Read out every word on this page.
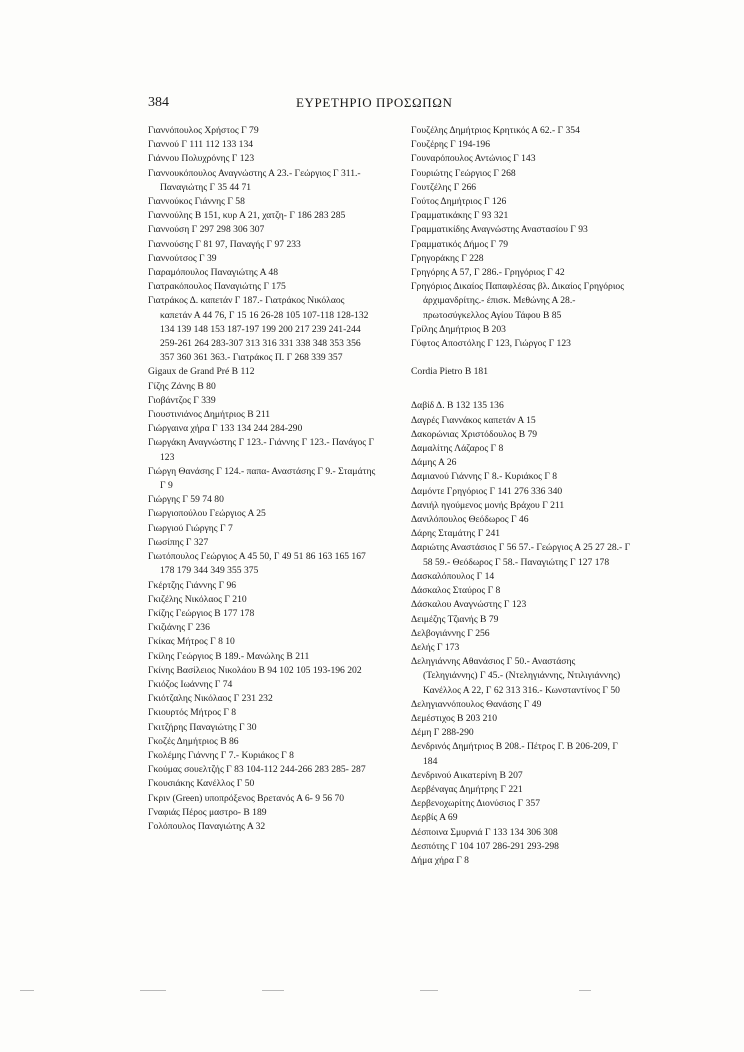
384	ΕΥΡΕΤΗΡΙΟ ΠΡΟΣΩΠΩΝ
Γιαννόπουλος Χρήστος Γ 79
Γιαννού Γ 111 112 133 134
Γιάννου Πολυχρόνης Γ 123
Γιαννουκόπουλος Αναγνώστης Α 23.- Γεώργιος Γ 311.- Παναγιώτης Γ 35 44 71
Γιαννούκος Γιάννης Γ 58
Γιαννούλης Β 151, κυρ Α 21, χατζη- Γ 186 283 285
Γιαννούση Γ 297 298 306 307
Γιαννούσης Γ 81 97, Παναγής Γ 97 233
Γιαννούτσος Γ 39
Γιαραμόπουλος Παναγιώτης Α 48
Γιατρακόπουλος Παναγιώτης Γ 175
Γιατράκος Δ. καπετάν Γ 187.- Γιατράκος Νικόλαος καπετάν Α 44 76, Γ 15 16 26-28 105 107-118 128-132 134 139 148 153 187-197 199 200 217 239 241-244 259-261 264 283-307 313 316 331 338 348 353 356 357 360 361 363.- Γιατράκος Π. Γ 268 339 357
Gigaux de Grand Pré Β 112
Γίζης Ζάνης Β 80
Γιοβάντζος Γ 339
Γιουστινιάνος Δημήτριος Β 211
Γιώργαινα χήρα Γ 133 134 244 284-290
Γιωργάκη Αναγνώστης Γ 123.- Γιάννης Γ 123.- Πανάγος Γ 123
Γιώργη Θανάσης Γ 124.- παπα- Αναστάσης Γ 9.- Σταμάτης Γ 9
Γιώργης Γ 59 74 80
Γιωργιοπούλου Γεώργιος Α 25
Γιωργιού Γιώργης Γ 7
Γιωσίπης Γ 327
Γιωτόπουλος Γεώργιος Α 45 50, Γ 49 51 86 163 165 167 178 179 344 349 355 375
Γκέρτζης Γιάννης Γ 96
Γκιζέλης Νικόλαος Γ 210
Γκίζης Γεώργιος Β 177 178
Γκιζιάνης Γ 236
Γκίκας Μήτρος Γ 8 10
Γκίλης Γεώργιος Β 189.- Μανώλης Β 211
Γκίνης Βασίλειος Νικολάου Β 94 102 105 193-196 202
Γκιόζος Ιωάννης Γ 74
Γκιότζαλης Νικόλαος Γ 231 232
Γκιουρτός Μήτρος Γ 8
Γκιτζήρης Παναγιώτης Γ 30
Γκοζές Δημήτριος Β 86
Γκολέμης Γιάννης Γ 7.- Κυριάκος Γ 8
Γκούμας σουελτζής Γ 83 104-112 244-266 283 285- 287
Γκουσιάκης Κανέλλος Γ 50
Γκριν (Green) υποπρόξενος Βρετανός Α 6- 9 56 70
Γναφιάς Πέρος μαστρο- Β 189
Γολόπουλος Παναγιώτης Α 32
Γουζέλης Δημήτριος Κρητικός Α 62.- Γ 354
Γουζέρης Γ 194-196
Γουναρόπουλος Αντώνιος Γ 143
Γουριώτης Γεώργιος Γ 268
Γουτζέλης Γ 266
Γούτος Δημήτριος Γ 126
Γραμματικάκης Γ 93 321
Γραμματικίδης Αναγνώστης Αναστασίου Γ 93
Γραμματικός Δήμος Γ 79
Γρηγοράκης Γ 228
Γρηγόρης Α 57, Γ 286.- Γρηγόριος Γ 42
Γρηγόριος Δικαίος Παπαφλέσας βλ. Δικαίος Γρηγόριος άρχιμανδρίτης.- έπισκ. Μεθώνης Α 28.- πρωτοσύγκελλος Αγίου Τάφου Β 85
Γρίλης Δημήτριος Β 203
Γύφτος Αποστόλης Γ 123, Γιώργος Γ 123
Cordia Pietro Β 181
Δαβίδ Δ. Β 132 135 136
Δαγρές Γιαννάκος καπετάν Α 15
Δακορώνιας Χριστόδουλος Β 79
Δαμαλίτης Λάζαρος Γ 8
Δάμης Α 26
Δαμιανού Γιάννης Γ 8.- Κυριάκος Γ 8
Δαμόντε Γρηγόριος Γ 141 276 336 340
Δανιήλ ηγούμενος μονής Βράχου Γ 211
Δανιλόπουλος Θεόδωρος Γ 46
Δάρης Σταμάτης Γ 241
Δαριώτης Αναστάσιος Γ 56 57.- Γεώργιος Α 25 27 28.- Γ 58 59.- Θεόδωρος Γ 58.- Παναγιώτης Γ 127 178
Δασκαλόπουλος Γ 14
Δάσκαλος Σταύρος Γ 8
Δάσκαλου Αναγνώστης Γ 123
Δειμέζης Τζιανής Β 79
Δελβογιάννης Γ 256
Δελής Γ 173
Δεληγιάννης Αθανάσιος Γ 50.- Αναστάσης (Τεληγιάννης) Γ 45.- (Ντεληγιάννης, Ντιλιγιάννης) Κανέλλος Α 22, Γ 62 313 316.- Κωνσταντίνος Γ 50
Δεληγιαννόπουλος Θανάσης Γ 49
Δεμέστιχος Β 203 210
Δέμη Γ 288-290
Δενδρινός Δημήτριος Β 208.- Πέτρος Γ. Β 206-209, Γ 184
Δενδρινού Αικατερίνη Β 207
Δερβέναγας Δημήτρης Γ 221
Δερβενοχωρίτης Διονύσιος Γ 357
Δερβίς Α 69
Δέσποινα Σμυρνιά Γ 133 134 306 308
Δεσπότης Γ 104 107 286-291 293-298
Δήμα χήρα Γ 8
